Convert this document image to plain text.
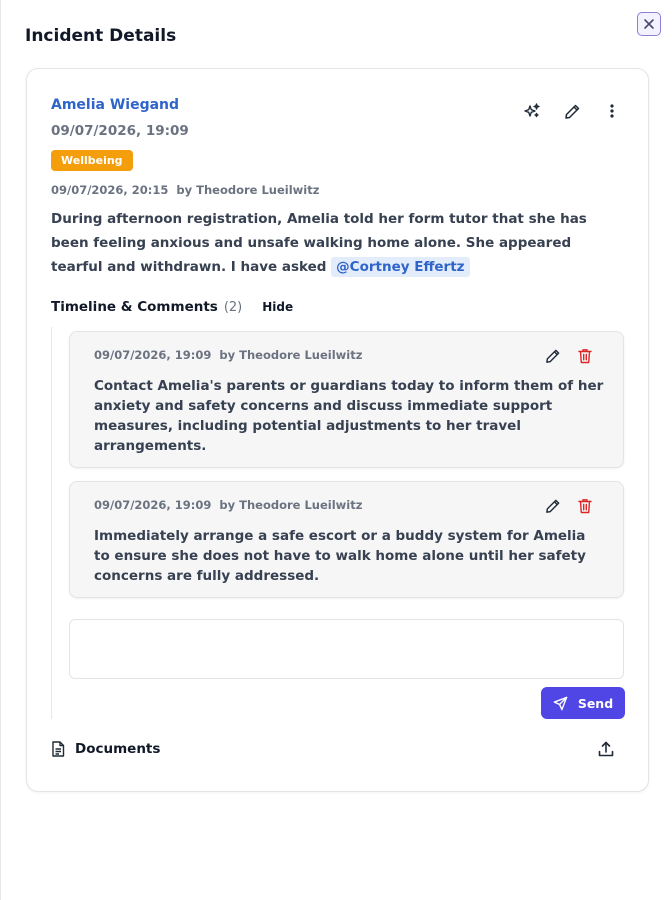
Incident Details
Amelia Wiegand
09/07/2026, 19:09
Wellbeing
09/07/2026, 20:15 by Theodore Lueilwitz
During afternoon registration, Amelia told her form tutor that she has been feeling anxious and unsafe walking home alone. She appeared tearful and withdrawn. I have asked @Cortney Effertz
Timeline & Comments (2) Hide
09/07/2026, 19:09 by Theodore Lueilwitz
Contact Amelia's parents or guardians today to inform them of her anxiety and safety concerns and discuss immediate support measures, including potential adjustments to her travel arrangements.
09/07/2026, 19:09 by Theodore Lueilwitz
Immediately arrange a safe escort or a buddy system for Amelia to ensure she does not have to walk home alone until her safety concerns are fully addressed.
Send
Documents
